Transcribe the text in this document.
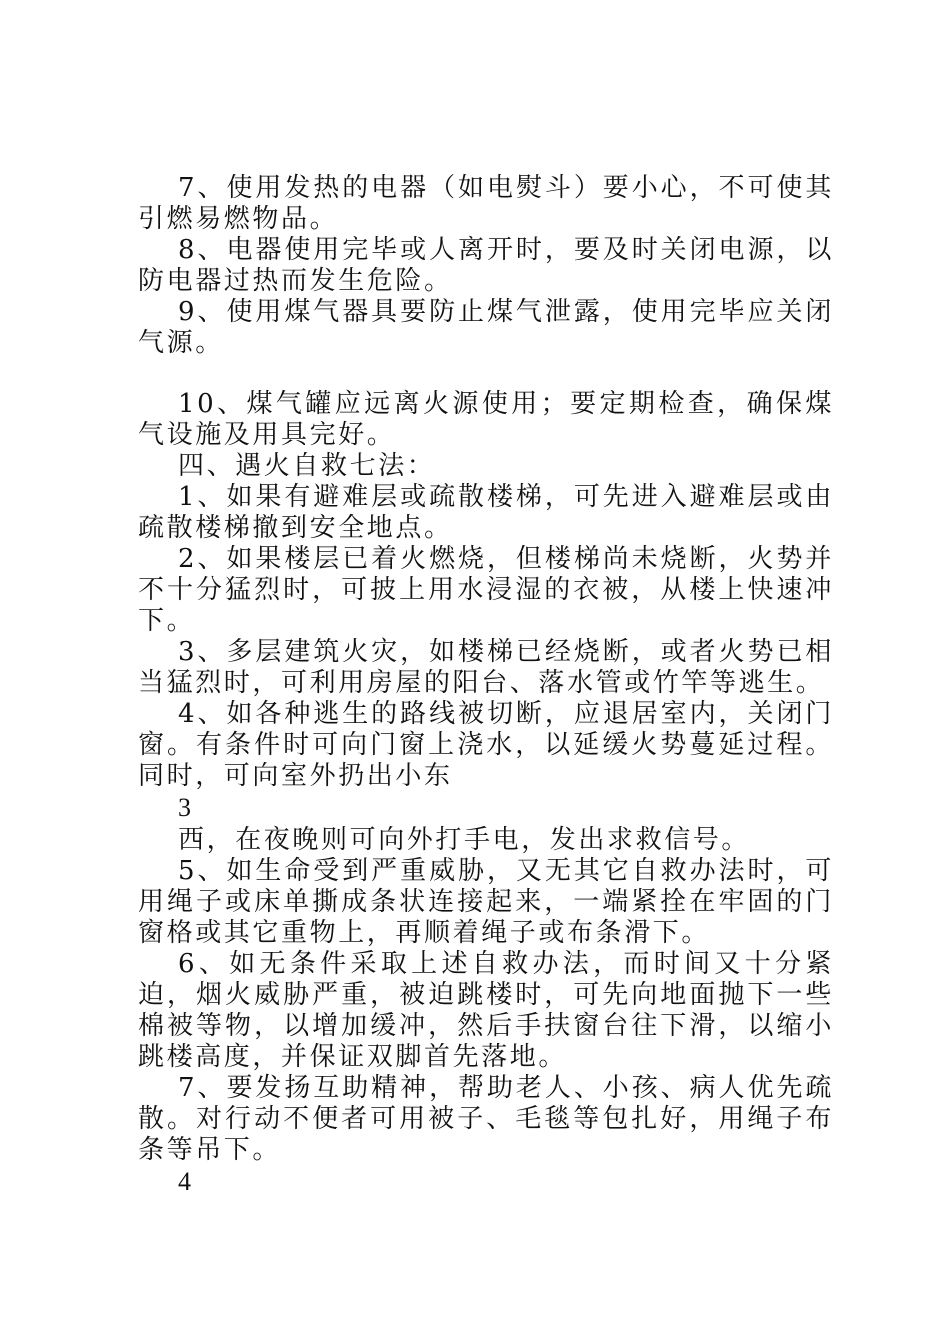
7、使用发热的电器（如电熨斗）要小心，不可使其引燃易燃物品。

8、电器使用完毕或人离开时，要及时关闭电源，以防电器过热而发生危险。

9、使用煤气器具要防止煤气泄露，使用完毕应关闭气源。

10、煤气罐应远离火源使用；要定期检查，确保煤气设施及用具完好。

四、遇火自救七法：

1、如果有避难层或疏散楼梯，可先进入避难层或由疏散楼梯撤到安全地点。

2、如果楼层已着火燃烧，但楼梯尚未烧断，火势并不十分猛烈时，可披上用水浸湿的衣被，从楼上快速冲下。

3、多层建筑火灾，如楼梯已经烧断，或者火势已相当猛烈时，可利用房屋的阳台、落水管或竹竿等逃生。

4、如各种逃生的路线被切断，应退居室内，关闭门窗。有条件时可向门窗上浇水，以延缓火势蔓延过程。同时，可向室外扔出小东

3

西，在夜晚则可向外打手电，发出求救信号。

5、如生命受到严重威胁，又无其它自救办法时，可用绳子或床单撕成条状连接起来，一端紧拴在牢固的门窗格或其它重物上，再顺着绳子或布条滑下。

6、如无条件采取上述自救办法，而时间又十分紧迫，烟火威胁严重，被迫跳楼时，可先向地面抛下一些棉被等物，以增加缓冲，然后手扶窗台往下滑，以缩小跳楼高度，并保证双脚首先落地。

7、要发扬互助精神，帮助老人、小孩、病人优先疏散。对行动不便者可用被子、毛毯等包扎好，用绳子布条等吊下。

4
